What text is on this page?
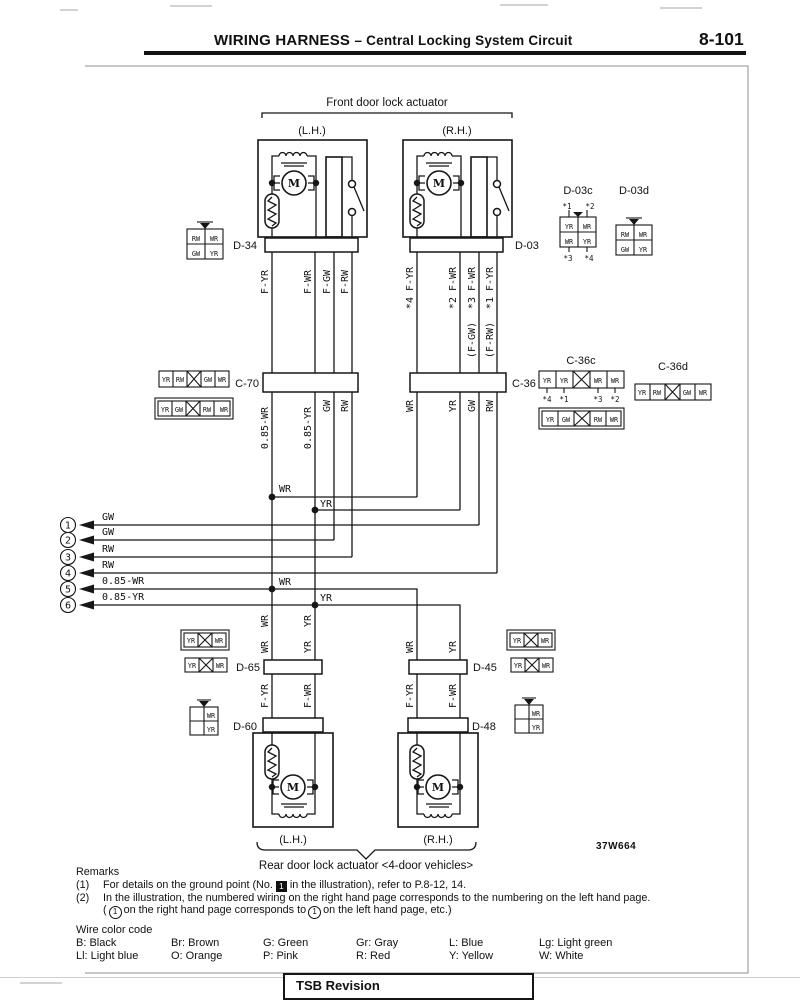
WIRING HARNESS – Central Locking System Circuit	8-101
M	M
M	M
Front door lock actuator
(L.H.)	(R.H.)
D-34	D-03
C-70	C-36
D-65	D-45
D-60	D-48
F-YR	F-WR F-GW F-RW	*4 F-YR	*2 F-WR *3 F-WR *1 F-YR
(F-GW) (F-RW)
0.85-WR	0.85-YR
GW RW	WR	YR GW RW
WR
YR
WR
YR
1
GW
2
GW
3
RW
4
RW
5
0.85-WR
6
0.85-YR
WR	YR
WR	YR	WR	YR
F-YR	F-WR	F-YR	F-WR
RW WR
GW YR
D-03c
*1 *2
YR WR
WR YR
*3 *4
D-03d
RW WR
GW YR
YR RW	GW WR
YR GW	RW WR
C-36c
YR YR	WR WR
*4 *1	*3 *2
YR GW	RW WR
C-36d
YR RW	GW WR
YR	WR
YR	WR
YR	WR
YR	WR
WR
YR
WR
YR
(L.H.)	(R.H.)
Rear door lock actuator <4-door vehicles>
37W664
Remarks
(1)	For details on the ground point (No. 1 in the illustration), refer to P.8-12, 14.
(2)	In the illustration, the numbered wiring on the right hand page corresponds to the numbering on the left hand page.
( 1 on the right hand page corresponds to 1 on the left hand page, etc.)
Wire color code
B: Black	Br: Brown	G: Green	Gr: Gray	L: Blue	Lg: Light green
Ll: Light blue	O: Orange	P: Pink	R: Red	Y: Yellow	W: White
TSB Revision
